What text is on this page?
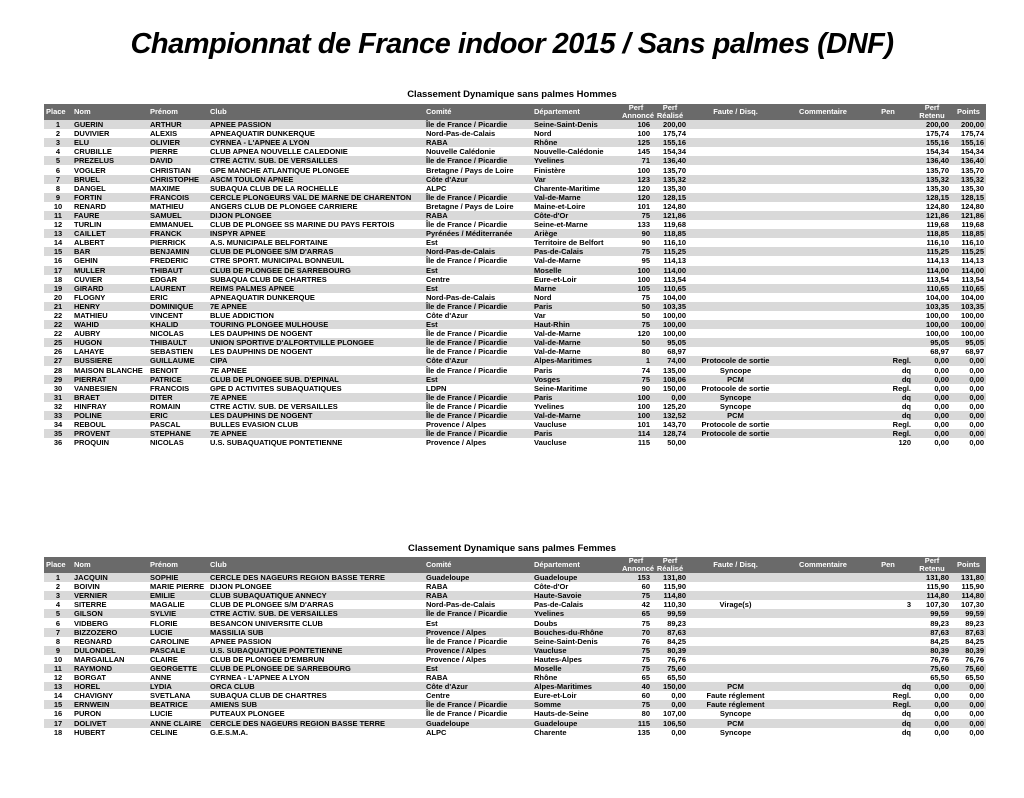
Championnat de France indoor 2015 / Sans palmes (DNF)
Classement Dynamique sans palmes Hommes
Place	Nom	Prénom	Club	Comité	Département	Perf Annoncé	Perf Réalisé	Faute / Disq.	Commentaire	Pen	Perf Retenu	Points
1	GUERIN	ARTHUR	APNEE PASSION	Île de France / Picardie	Seine-Saint-Denis	106	200,00				200,00	200,00
2	DUVIVIER	ALEXIS	APNEAQUATIR DUNKERQUE	Nord-Pas-de-Calais	Nord	100	175,74				175,74	175,74
3	ELU	OLIVIER	CYRNEA - L'APNEE A LYON	RABA	Rhône	125	155,16				155,16	155,16
4	CRUBILLE	PIERRE	CLUB APNEA NOUVELLE CALEDONIE	Nouvelle Calédonie	Nouvelle-Calédonie	145	154,34				154,34	154,34
5	PREZELUS	DAVID	CTRE ACTIV. SUB. DE VERSAILLES	Île de France / Picardie	Yvelines	71	136,40				136,40	136,40
6	VOGLER	CHRISTIAN	GPE MANCHE ATLANTIQUE PLONGEE	Bretagne / Pays de Loire	Finistère	100	135,70				135,70	135,70
7	BRUEL	CHRISTOPHE	ASCM TOULON APNEE	Côte d'Azur	Var	123	135,32				135,32	135,32
8	DANGEL	MAXIME	SUBAQUA CLUB DE LA ROCHELLE	ALPC	Charente-Maritime	120	135,30				135,30	135,30
9	FORTIN	FRANCOIS	CERCLE PLONGEURS VAL DE MARNE DE CHARENTON	Île de France / Picardie	Val-de-Marne	120	128,15				128,15	128,15
10	RENARD	MATHIEU	ANGERS CLUB DE PLONGEE CARRIERE	Bretagne / Pays de Loire	Maine-et-Loire	101	124,80				124,80	124,80
11	FAURE	SAMUEL	DIJON PLONGEE	RABA	Côte-d'Or	75	121,86				121,86	121,86
12	TURLIN	EMMANUEL	CLUB DE PLONGEE SS MARINE DU PAYS FERTOIS	Île de France / Picardie	Seine-et-Marne	133	119,68				119,68	119,68
13	CAILLET	FRANCK	INSPYR APNEE	Pyrénées / Méditerranée	Ariège	90	118,85				118,85	118,85
14	ALBERT	PIERRICK	A.S. MUNICIPALE BELFORTAINE	Est	Territoire de Belfort	90	116,10				116,10	116,10
15	BAR	BENJAMIN	CLUB DE PLONGEE S/M D'ARRAS	Nord-Pas-de-Calais	Pas-de-Calais	75	115,25				115,25	115,25
16	GEHIN	FREDERIC	CTRE SPORT. MUNICIPAL BONNEUIL	Île de France / Picardie	Val-de-Marne	95	114,13				114,13	114,13
17	MULLER	THIBAUT	CLUB DE PLONGEE DE SARREBOURG	Est	Moselle	100	114,00				114,00	114,00
18	CUVIER	EDGAR	SUBAQUA CLUB DE CHARTRES	Centre	Eure-et-Loir	100	113,54				113,54	113,54
19	GIRARD	LAURENT	REIMS PALMES APNEE	Est	Marne	105	110,65				110,65	110,65
20	FLOGNY	ERIC	APNEAQUATIR DUNKERQUE	Nord-Pas-de-Calais	Nord	75	104,00				104,00	104,00
21	HENRY	DOMINIQUE	7E APNEE	Île de France / Picardie	Paris	50	103,35				103,35	103,35
22	MATHIEU	VINCENT	BLUE ADDICTION	Côte d'Azur	Var	50	100,00				100,00	100,00
22	WAHID	KHALID	TOURING PLONGEE MULHOUSE	Est	Haut-Rhin	75	100,00				100,00	100,00
22	AUBRY	NICOLAS	LES DAUPHINS DE NOGENT	Île de France / Picardie	Val-de-Marne	120	100,00				100,00	100,00
25	HUGON	THIBAULT	UNION SPORTIVE D'ALFORTVILLE PLONGEE	Île de France / Picardie	Val-de-Marne	50	95,05				95,05	95,05
26	LAHAYE	SEBASTIEN	LES DAUPHINS DE NOGENT	Île de France / Picardie	Val-de-Marne	80	68,97				68,97	68,97
27	BUSSIERE	GUILLAUME	CIPA	Côte d'Azur	Alpes-Maritimes	1	74,00	Protocole de sortie		Regl.	0,00	0,00
28	MAISON BLANCHE	BENOIT	7E APNEE	Île de France / Picardie	Paris	74	135,00	Syncope		dq	0,00	0,00
29	PIERRAT	PATRICE	CLUB DE PLONGEE SUB. D'EPINAL	Est	Vosges	75	108,06	PCM		dq	0,00	0,00
30	VANBESIEN	FRANCOIS	GPE D ACTIVITES SUBAQUATIQUES	LDPN	Seine-Maritime	90	150,00	Protocole de sortie		Regl.	0,00	0,00
31	BRAET	DITER	7E APNEE	Île de France / Picardie	Paris	100	0,00	Syncope		dq	0,00	0,00
32	HINFRAY	ROMAIN	CTRE ACTIV. SUB. DE VERSAILLES	Île de France / Picardie	Yvelines	100	125,20	Syncope		dq	0,00	0,00
33	POLINE	ERIC	LES DAUPHINS DE NOGENT	Île de France / Picardie	Val-de-Marne	100	132,52	PCM		dq	0,00	0,00
34	REBOUL	PASCAL	BULLES EVASION CLUB	Provence / Alpes	Vaucluse	101	143,70	Protocole de sortie		Regl.	0,00	0,00
35	PROVENT	STEPHANE	7E APNEE	Île de France / Picardie	Paris	114	128,74	Protocole de sortie		Regl.	0,00	0,00
36	PROQUIN	NICOLAS	U.S. SUBAQUATIQUE PONTETIENNE	Provence / Alpes	Vaucluse	115	50,00			120	0,00	0,00
Classement Dynamique sans palmes Femmes
Place	Nom	Prénom	Club	Comité	Département	Perf Annoncé	Perf Réalisé	Faute / Disq.	Commentaire	Pen	Perf Retenu	Points
1	JACQUIN	SOPHIE	CERCLE DES NAGEURS REGION BASSE TERRE	Guadeloupe	Guadeloupe	153	131,80				131,80	131,80
2	BOIVIN	MARIE PIERRE	DIJON PLONGEE	RABA	Côte-d'Or	60	115,90				115,90	115,90
3	VERNIER	EMILIE	CLUB SUBAQUATIQUE ANNECY	RABA	Haute-Savoie	75	114,80				114,80	114,80
4	SITERRE	MAGALIE	CLUB DE PLONGEE S/M D'ARRAS	Nord-Pas-de-Calais	Pas-de-Calais	42	110,30	Virage(s)		3	107,30	107,30
5	GILSON	SYLVIE	CTRE ACTIV. SUB. DE VERSAILLES	Île de France / Picardie	Yvelines	65	99,59				99,59	99,59
6	VIDBERG	FLORIE	BESANCON UNIVERSITE CLUB	Est	Doubs	75	89,23				89,23	89,23
7	BIZZOZERO	LUCIE	MASSILIA SUB	Provence / Alpes	Bouches-du-Rhône	70	87,63				87,63	87,63
8	REGNARD	CAROLINE	APNEE PASSION	Île de France / Picardie	Seine-Saint-Denis	76	84,25				84,25	84,25
9	DULONDEL	PASCALE	U.S. SUBAQUATIQUE PONTETIENNE	Provence / Alpes	Vaucluse	75	80,39				80,39	80,39
10	MARGAILLAN	CLAIRE	CLUB DE PLONGEE D'EMBRUN	Provence / Alpes	Hautes-Alpes	75	76,76				76,76	76,76
11	RAYMOND	GEORGETTE	CLUB DE PLONGEE DE SARREBOURG	Est	Moselle	75	75,60				75,60	75,60
12	BORGAT	ANNE	CYRNEA - L'APNEE A LYON	RABA	Rhône	65	65,50				65,50	65,50
13	HOREL	LYDIA	ORCA CLUB	Côte d'Azur	Alpes-Maritimes	40	150,00	PCM		dq	0,00	0,00
14	CHAVIGNY	SVETLANA	SUBAQUA CLUB DE CHARTRES	Centre	Eure-et-Loir	60	0,00	Faute réglement		Regl.	0,00	0,00
15	ERNWEIN	BEATRICE	AMIENS SUB	Île de France / Picardie	Somme	75	0,00	Faute réglement		Regl.	0,00	0,00
16	PURON	LUCIE	PUTEAUX PLONGEE	Île de France / Picardie	Hauts-de-Seine	80	107,00	Syncope		dq	0,00	0,00
17	DOLIVET	ANNE CLAIRE	CERCLE DES NAGEURS REGION BASSE TERRE	Guadeloupe	Guadeloupe	115	106,50	PCM		dq	0,00	0,00
18	HUBERT	CELINE	G.E.S.M.A.	ALPC	Charente	135	0,00	Syncope		dq	0,00	0,00
